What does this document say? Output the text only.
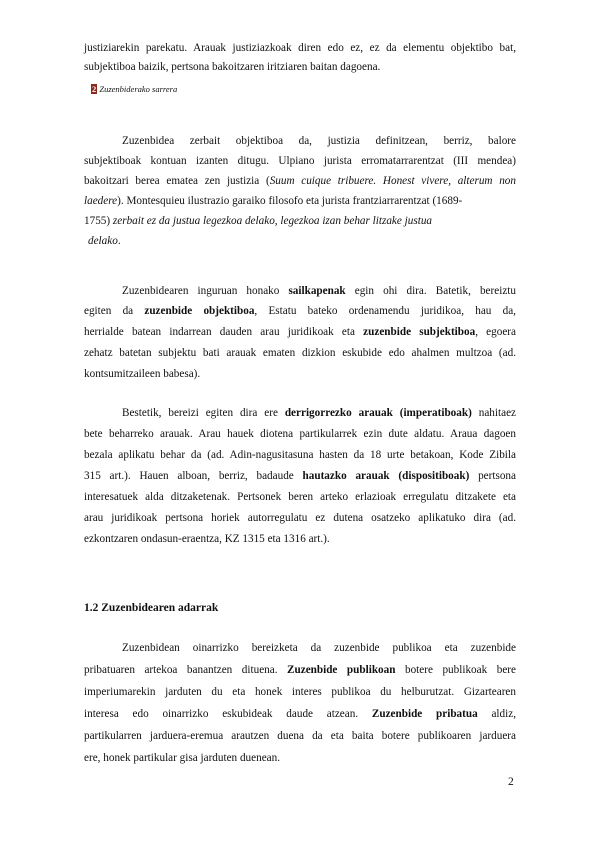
justiziarekin parekatu. Arauak justiziazkoak diren edo ez, ez da elementu objektibo bat,
subjektiboa baizik, pertsona bakoitzaren iritziaren baitan dagoena.
2 Zuzenbiderako sarrera
Zuzenbidea zerbait objektiboa da, justizia definitzean, berriz, balore
subjektiboak kontuan izanten ditugu. Ulpiano jurista erromatarrarentzat (III mendea)
bakoitzari berea ematea zen justizia (Suum cuique tribuere. Honest vivere, alterum non
laedere). Montesquieu ilustrazio garaiko filosofo eta jurista frantziarrarentzat (1689-
1755) zerbait ez da justua legezkoa delako, legezkoa izan behar litzake justua
delako.
Zuzenbidearen inguruan honako sailkapenak egin ohi dira. Batetik, bereiztu
egiten da zuzenbide objektiboa, Estatu bateko ordenamendu juridikoa, hau da,
herrialde batean indarrean dauden arau juridikoak eta zuzenbide subjektiboa, egoera
zehatz batetan subjektu bati arauak ematen dizkion eskubide edo ahalmen multzoa (ad.
kontsumitzaileen babesa).
Bestetik, bereizi egiten dira ere derrigorrezko arauak (imperatiboak) nahitaez
bete beharreko arauak. Arau hauek diotena partikularrek ezin dute aldatu. Araua dagoen
bezala aplikatu behar da (ad. Adin-nagusitasuna hasten da 18 urte betakoan, Kode Zibila
315 art.). Hauen alboan, berriz, badaude hautazko arauak (dispositiboak) pertsona
interesatuek alda ditzaketenak. Pertsonek beren arteko erlazioak erregulatu ditzakete eta
arau juridikoak pertsona horiek autorregulatu ez dutena osatzeko aplikatuko dira (ad.
ezkontzaren ondasun-eraentza, KZ 1315 eta 1316 art.).
1.2 Zuzenbidearen adarrak
Zuzenbidean oinarrizko bereizketa da zuzenbide publikoa eta zuzenbide
pribatuaren artekoa banantzen dituena. Zuzenbide publikoan botere publikoak bere
imperiumarekin jarduten du eta honek interes publikoa du helburutzat. Gizartearen
interesa edo oinarrizko eskubideak daude atzean. Zuzenbide pribatua aldiz,
partikularren jarduera-eremua arautzen duena da eta baita botere publikoaren jarduera
ere, honek partikular gisa jarduten duenean.
2
